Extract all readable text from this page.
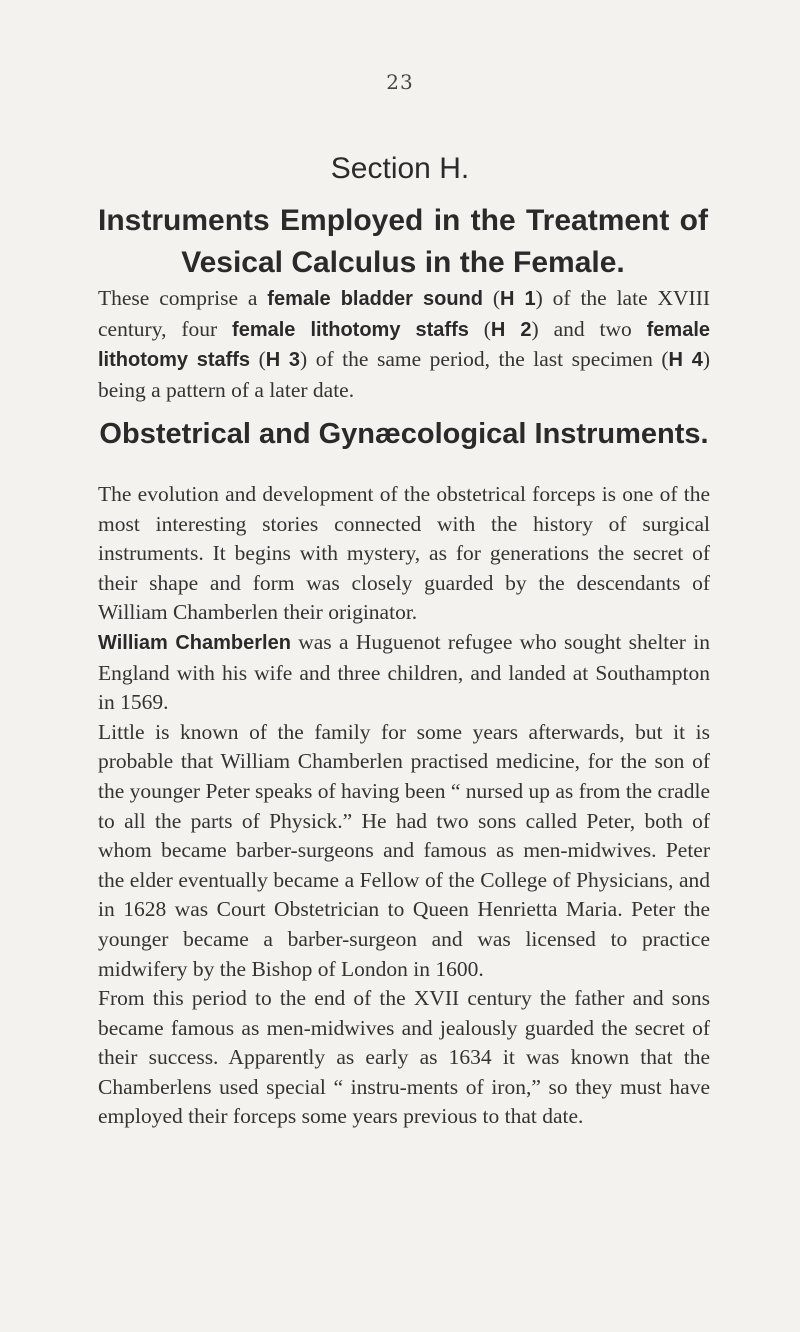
23
Section H.
Instruments Employed in the Treatment of
Vesical Calculus in the Female.

These comprise a female bladder sound (H 1) of the late XVIII century, four female lithotomy staffs (H 2) and two female lithotomy staffs (H 3) of the same period, the last specimen (H 4) being a pattern of a later date.

Obstetrical and Gynæcological Instruments.
The evolution and development of the obstetrical forceps is one of the most interesting stories connected with the history of surgical instruments. It begins with mystery, as for generations the secret of their shape and form was closely guarded by the descendants of William Chamberlen their originator.
William Chamberlen was a Huguenot refugee who sought shelter in England with his wife and three children, and landed at Southampton in 1569.
Little is known of the family for some years afterwards, but it is probable that William Chamberlen practised medicine, for the son of the younger Peter speaks of having been “ nursed up as from the cradle to all the parts of Physick.” He had two sons called Peter, both of whom became barber-surgeons and famous as men-midwives. Peter the elder eventually became a Fellow of the College of Physicians, and in 1628 was Court Obstetrician to Queen Henrietta Maria. Peter the younger became a barber-surgeon and was licensed to practice midwifery by the Bishop of London in 1600.
From this period to the end of the XVII century the father and sons became famous as men-midwives and jealously guarded the secret of their success. Apparently as early as 1634 it was known that the Chamberlens used special “ instru-ments of iron,” so they must have employed their forceps some years previous to that date.
